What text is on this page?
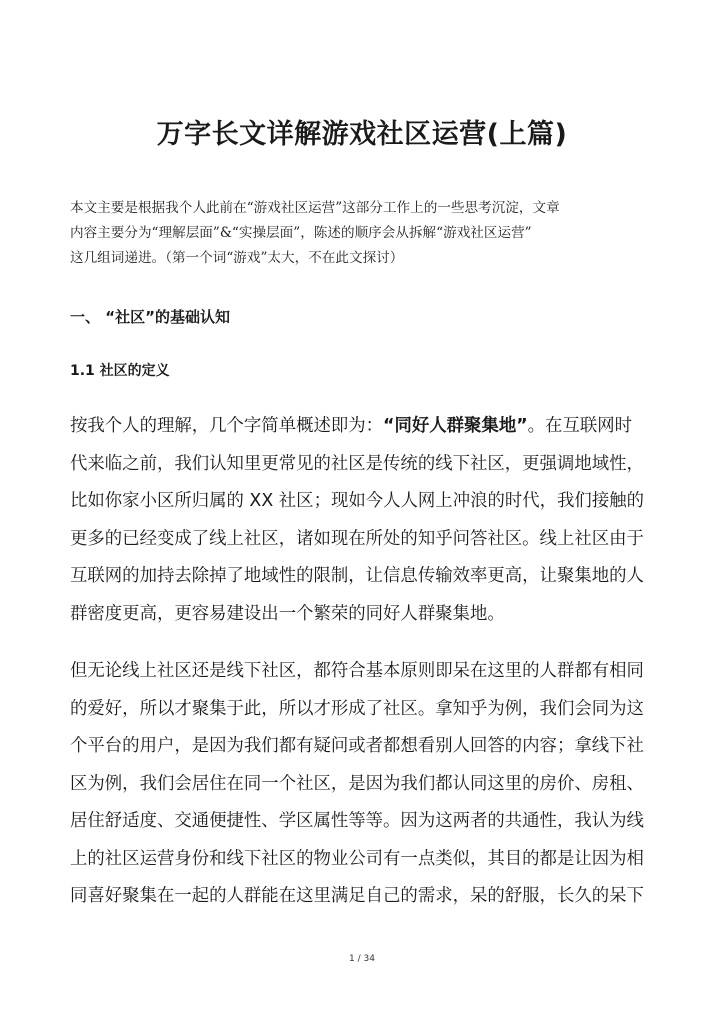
万字长文详解游戏社区运营(上篇)
本文主要是根据我个人此前在“游戏社区运营”这部分工作上的一些思考沉淀，文章
内容主要分为“理解层面”&“实操层面”，陈述的顺序会从拆解“游戏社区运营”
这几组词递进。（第一个词“游戏”太大，不在此文探讨）
一、 “社区”的基础认知
1.1 社区的定义
按我个人的理解，几个字简单概述即为：“同好人群聚集地”。在互联网时
代来临之前，我们认知里更常见的社区是传统的线下社区，更强调地域性，
比如你家小区所归属的 XX 社区；现如今人人网上冲浪的时代，我们接触的
更多的已经变成了线上社区，诸如现在所处的知乎问答社区。线上社区由于
互联网的加持去除掉了地域性的限制，让信息传输效率更高，让聚集地的人
群密度更高，更容易建设出一个繁荣的同好人群聚集地。
但无论线上社区还是线下社区，都符合基本原则即呆在这里的人群都有相同
的爱好，所以才聚集于此，所以才形成了社区。拿知乎为例，我们会同为这
个平台的用户，是因为我们都有疑问或者都想看别人回答的内容；拿线下社
区为例，我们会居住在同一个社区，是因为我们都认同这里的房价、房租、
居住舒适度、交通便捷性、学区属性等等。因为这两者的共通性，我认为线
上的社区运营身份和线下社区的物业公司有一点类似，其目的都是让因为相
同喜好聚集在一起的人群能在这里满足自己的需求，呆的舒服，长久的呆下
1 / 34
